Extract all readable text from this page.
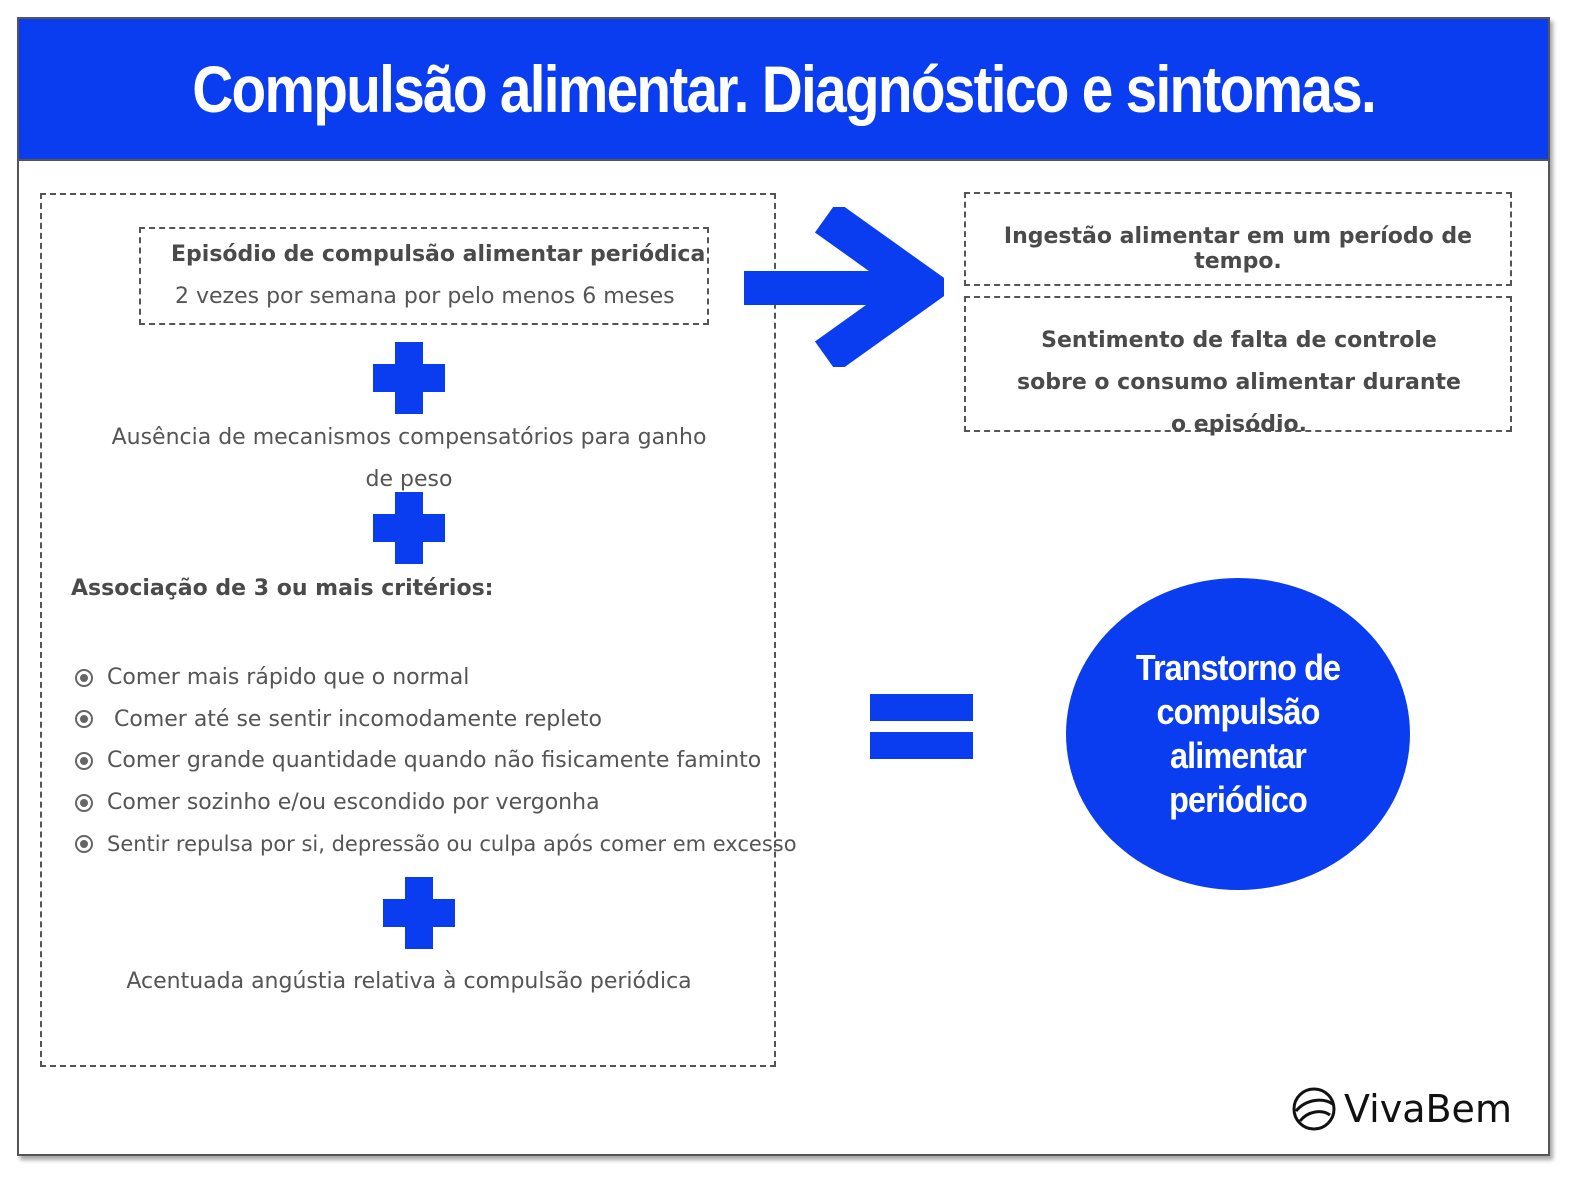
Compulsão alimentar. Diagnóstico e sintomas.
Episódio de compulsão alimentar periódica
2 vezes por semana por pelo menos 6 meses
Ausência de mecanismos compensatórios para ganho de peso
Associação de 3 ou mais critérios:
Comer mais rápido que o normal
Comer até se sentir incomodamente repleto
Comer grande quantidade quando não fisicamente faminto
Comer sozinho e/ou escondido por vergonha
Sentir repulsa por si, depressão ou culpa após comer em excesso
Acentuada angústia relativa à compulsão periódica
Ingestão alimentar em um período de tempo.
Sentimento de falta de controle sobre o consumo alimentar durante o episódio.
Transtorno de compulsão alimentar periódico
VivaBem
